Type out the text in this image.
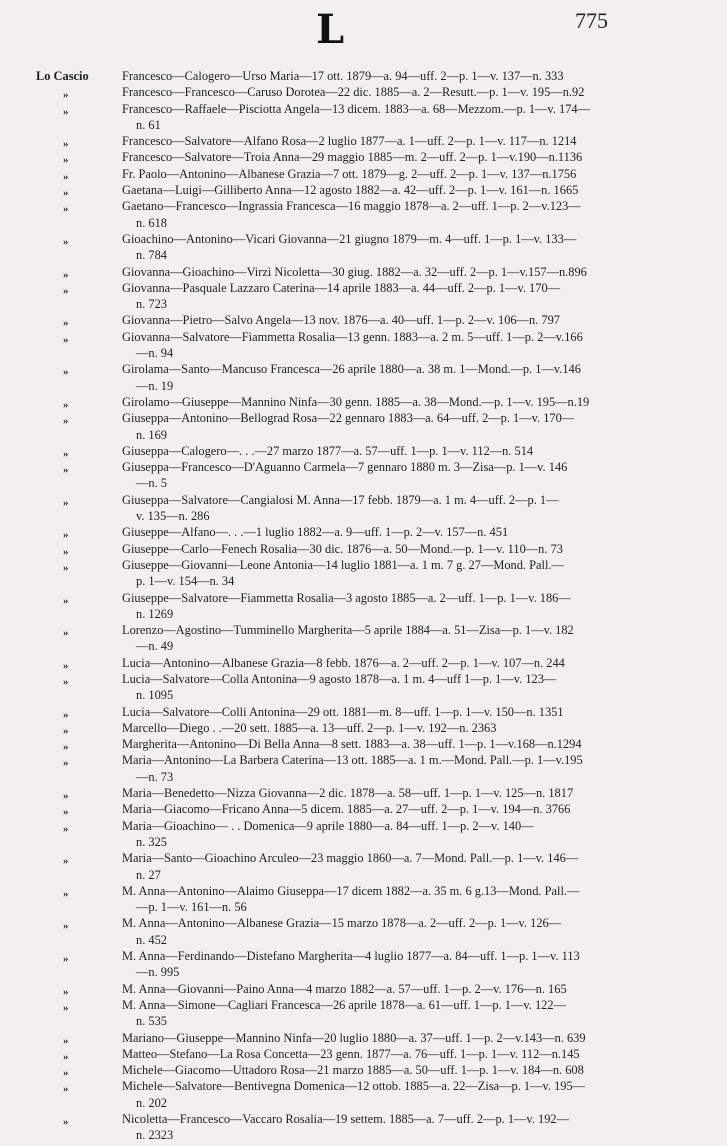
L	775
Lo Cascio	Francesco—Calogero—Urso Maria—17 ott. 1879—a. 94—uff. 2—p. 1—v. 137—n. 333
»	Francesco—Francesco—Caruso Dorotea—22 dic. 1885—a. 2—Resutt.—p. 1—v. 195—n.92
»	Francesco—Raffaele—Pisciotta Angela—13 dicem. 1883—a. 68—Mezzom.—p. 1—v. 174—
n. 61
»	Francesco—Salvatore—Alfano Rosa—2 luglio 1877—a. 1—uff. 2—p. 1—v. 117—n. 1214
»	Francesco—Salvatore—Troia Anna—29 maggio 1885—m. 2—uff. 2—p. 1—v.190—n.1136
»	Fr. Paolo—Antonino—Albanese Grazia—7 ott. 1879—g. 2—uff. 2—p. 1—v. 137—n.1756
»	Gaetana—Luigi—Gilliberto Anna—12 agosto 1882—a. 42—uff. 2—p. 1—v. 161—n. 1665
»	Gaetano—Francesco—Ingrassia Francesca—16 maggio 1878—a. 2—uff. 1—p. 2—v.123—
n. 618
»	Gioachino—Antonino—Vicari Giovanna—21 giugno 1879—m. 4—uff. 1—p. 1—v. 133—
n. 784
»	Giovanna—Gioachino—Virzì Nicoletta—30 giug. 1882—a. 32—uff. 2—p. 1—v.157—n.896
»	Giovanna—Pasquale Lazzaro Caterina—14 aprile 1883—a. 44—uff. 2—p. 1—v. 170—
n. 723
»	Giovanna—Pietro—Salvo Angela—13 nov. 1876—a. 40—uff. 1—p. 2—v. 106—n. 797
»	Giovanna—Salvatore—Fiammetta Rosalia—13 genn. 1883—a. 2 m. 5—uff. 1—p. 2—v.166
—n. 94
»	Girolama—Santo—Mancuso Francesca—26 aprile 1880—a. 38 m. 1—Mond.—p. 1—v.146
—n. 19
»	Girolamo—Giuseppe—Mannino Ninfa—30 genn. 1885—a. 38—Mond.—p. 1—v. 195—n.19
»	Giuseppa—Antonino—Bellograd Rosa—22 gennaro 1883—a. 64—uff. 2—p. 1—v. 170—
n. 169
»	Giuseppa—Calogero—. . .—27 marzo 1877—a. 57—uff. 1—p. 1—v. 112—n. 514
»	Giuseppa—Francesco—D'Aguanno Carmela—7 gennaro 1880 m. 3—Zisa—p. 1—v. 146
—n. 5
»	Giuseppa—Salvatore—Cangialosi M. Anna—17 febb. 1879—a. 1 m. 4—uff. 2—p. 1—
v. 135—n. 286
»	Giuseppe—Alfano—. . .—1 luglio 1882—a. 9—uff. 1—p. 2—v. 157—n. 451
»	Giuseppe—Carlo—Fenech Rosalia—30 dic. 1876—a. 50—Mond.—p. 1—v. 110—n. 73
»	Giuseppe—Giovanni—Leone Antonia—14 luglio 1881—a. 1 m. 7 g. 27—Mond. Pall.—
p. 1—v. 154—n. 34
»	Giuseppe—Salvatore—Fiammetta Rosalia—3 agosto 1885—a. 2—uff. 1—p. 1—v. 186—
n. 1269
»	Lorenzo—Agostino—Tumminello Margherita—5 aprile 1884—a. 51—Zisa—p. 1—v. 182
—n. 49
»	Lucia—Antonino—Albanese Grazia—8 febb. 1876—a. 2—uff. 2—p. 1—v. 107—n. 244
»	Lucia—Salvatore—Colla Antonina—9 agosto 1878—a. 1 m. 4—uff 1—p. 1—v. 123—
n. 1095
»	Lucia—Salvatore—Colli Antonina—29 ott. 1881—m. 8—uff. 1—p. 1—v. 150—n. 1351
»	Marcello—Diego . .—20 sett. 1885—a. 13—uff. 2—p. 1—v. 192—n. 2363
»	Margherita—Antonino—Di Bella Anna—8 sett. 1883—a. 38—uff. 1—p. 1—v.168—n.1294
»	Maria—Antonino—La Barbera Caterina—13 ott. 1885—a. 1 m.—Mond. Pall.—p. 1—v.195
—n. 73
»	Maria—Benedetto—Nizza Giovanna—2 dic. 1878—a. 58—uff. 1—p. 1—v. 125—n. 1817
»	Maria—Giacomo—Fricano Anna—5 dicem. 1885—a. 27—uff. 2—p. 1—v. 194—n. 3766
»	Maria—Gioachino— . . Domenica—9 aprile 1880—a. 84—uff. 1—p. 2—v. 140—
n. 325
»	Maria—Santo—Gioachino Arculeo—23 maggio 1860—a. 7—Mond. Pall.—p. 1—v. 146—
n. 27
»	M. Anna—Antonino—Alaimo Giuseppa—17 dicem 1882—a. 35 m. 6 g.13—Mond. Pall.—
—p. 1—v. 161—n. 56
»	M. Anna—Antonino—Albanese Grazia—15 marzo 1878—a. 2—uff. 2—p. 1—v. 126—
n. 452
»	M. Anna—Ferdinando—Distefano Margherita—4 luglio 1877—a. 84—uff. 1—p. 1—v. 113
—n. 995
»	M. Anna—Giovanni—Paino Anna—4 marzo 1882—a. 57—uff. 1—p. 2—v. 176—n. 165
»	M. Anna—Simone—Cagliari Francesca—26 aprile 1878—a. 61—uff. 1—p. 1—v. 122—
n. 535
»	Mariano—Giuseppe—Mannino Ninfa—20 luglio 1880—a. 37—uff. 1—p. 2—v.143—n. 639
»	Matteo—Stefano—La Rosa Concetta—23 genn. 1877—a. 76—uff. 1—p. 1—v. 112—n.145
»	Michele—Giacomo—Uttadoro Rosa—21 marzo 1885—a. 50—uff. 1—p. 1—v. 184—n. 608
»	Michele—Salvatore—Bentivegna Domenica—12 ottob. 1885—a. 22—Zisa—p. 1—v. 195—
n. 202
»	Nicoletta—Francesco—Vaccaro Rosalia—19 settem. 1885—a. 7—uff. 2—p. 1—v. 192—
n. 2323
